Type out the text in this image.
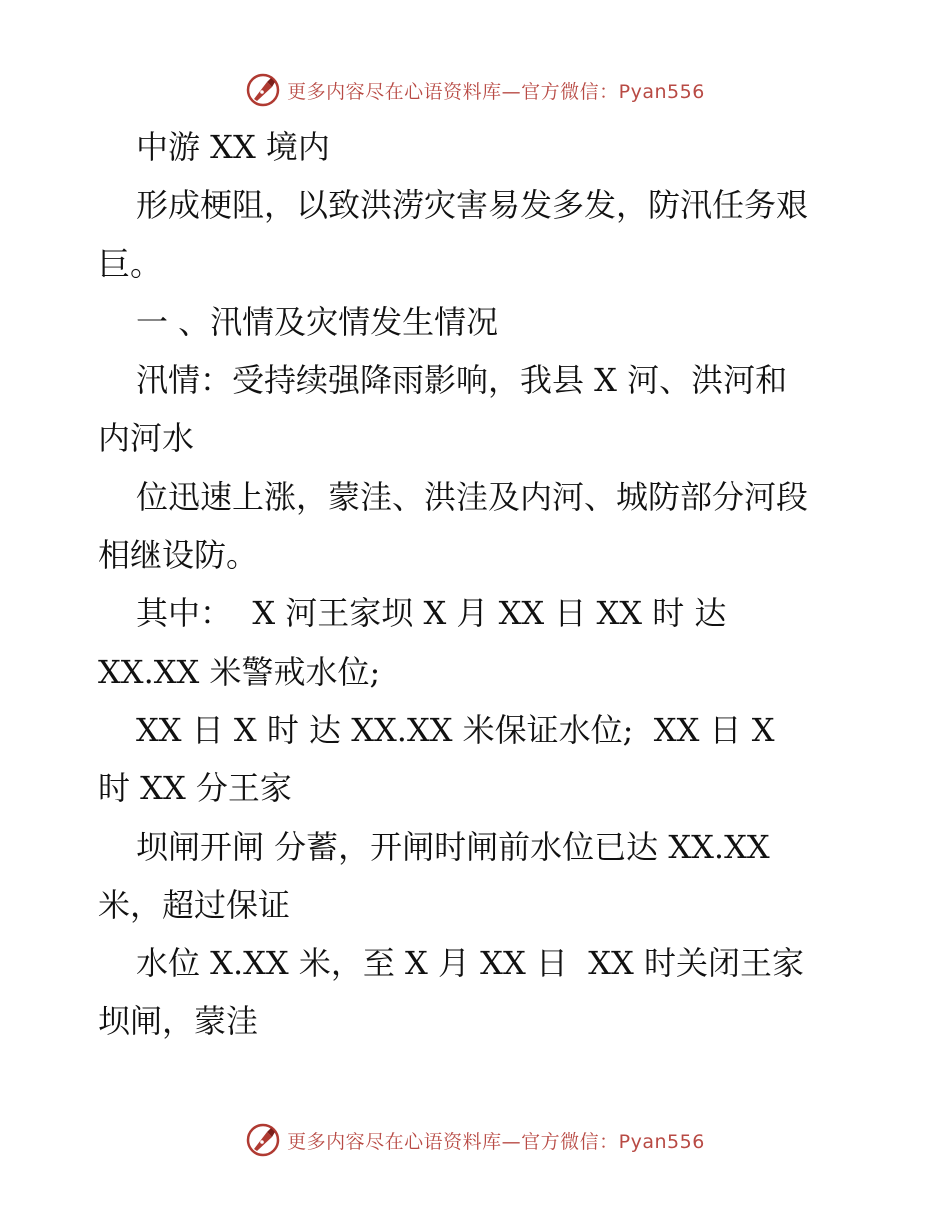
更多内容尽在心语资料库—官方微信：Pyan556
中游 XX 境内
形成梗阻，以致洪涝灾害易发多发，防汛任务艰
巨。
一 、汛情及灾情发生情况
汛情：受持续强降雨影响，我县 X 河、洪河和
内河水
位迅速上涨，蒙洼、洪洼及内河、城防部分河段
相继设防。
其中：  X 河王家坝 X 月 XX 日 XX 时 达
XX.XX 米警戒水位;
XX 日 X 时 达 XX.XX 米保证水位;  XX 日 X
时 XX 分王家
坝闸开闸 分蓄，开闸时闸前水位已达 XX.XX
米，超过保证
水位 X.XX 米，至 X 月 XX 日  XX 时关闭王家
坝闸，蒙洼
更多内容尽在心语资料库—官方微信：Pyan556
